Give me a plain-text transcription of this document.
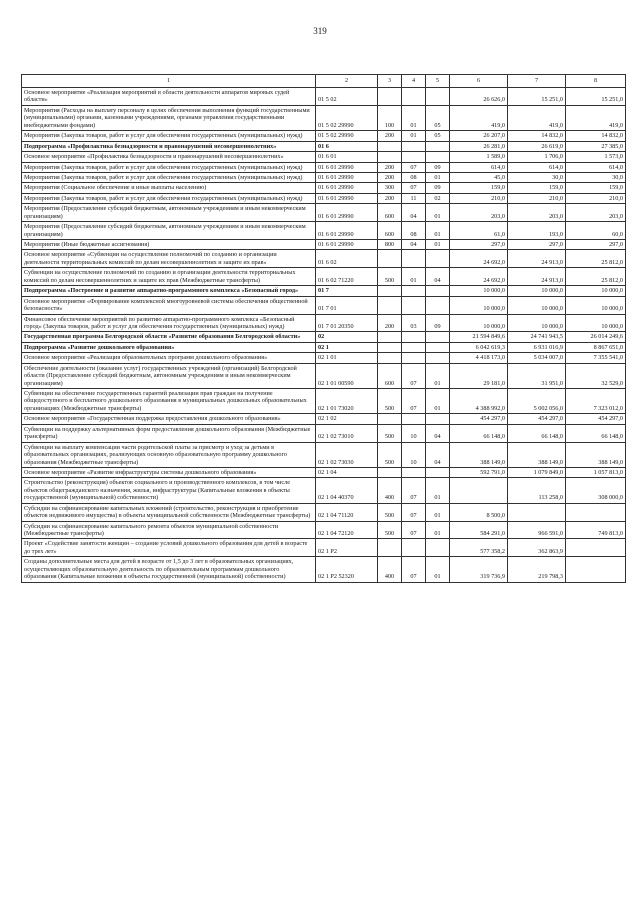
319
1	2	3	4	5	6	7	8
Основное мероприятие «Реализация мероприятий в области деятельности аппаратов мировых судей области»	01 5 02				26 626,0	15 251,0	15 251,0
Мероприятия (Расходы на выплату персоналу в целях обеспечения выполнения функций государственными (муниципальными) органами, казенными учреждениями, органами управления государственными внебюджетными фондами)	01 5 02 29990	100	01	05	419,0	419,0	419,0
Мероприятия (Закупка товаров, работ и услуг для обеспечения государственных (муниципальных) нужд)	01 5 02 29990	200	01	05	26 207,0	14 832,0	14 832,0
Подпрограмма «Профилактика безнадзорности и правонарушений несовершеннолетних»	01 6				26 281,0	26 619,0	27 385,0
Основное мероприятие «Профилактика безнадзорности и правонарушений несовершеннолетних»	01 6 01				1 589,0	1 706,0	1 573,0
Мероприятия (Закупка товаров, работ и услуг для обеспечения государственных (муниципальных) нужд)	01 6 01 29990	200	07	09	614,0	614,0	614,0
Мероприятия (Закупка товаров, работ и услуг для обеспечения государственных (муниципальных) нужд)	01 6 01 29990	200	08	01	45,0	30,0	30,0
Мероприятия (Социальное обеспечение и иные выплаты населению)	01 6 01 29990	300	07	09	159,0	159,0	159,0
Мероприятия (Закупка товаров, работ и услуг для обеспечения государственных (муниципальных) нужд)	01 6 01 29990	200	11	02	210,0	210,0	210,0
Мероприятия (Предоставление субсидий бюджетным, автономным учреждениям и иным некоммерческим организациям)	01 6 01 29990	600	04	01	203,0	203,0	203,0
Мероприятия (Предоставление субсидий бюджетным, автономным учреждениям и иным некоммерческим организациям)	01 6 01 29990	600	08	01	61,0	193,0	60,0
Мероприятия (Иные бюджетные ассигнования)	01 6 01 29990	800	04	01	297,0	297,0	297,0
Основное мероприятие «Субвенции на осуществление полномочий по созданию и организации деятельности территориальных комиссий по делам несовершеннолетних и защите их прав»	01 6 02				24 692,0	24 913,0	25 812,0
Субвенции на осуществление полномочий по созданию и организации деятельности территориальных комиссий по делам несовершеннолетних и защите их прав (Межбюджетные трансферты)	01 6 02 71220	500	01	04	24 692,0	24 913,0	25 812,0
Подпрограмма «Построение и развитие аппаратно-программного комплекса «Безопасный город»	01 7				10 000,0	10 000,0	10 000,0
Основное мероприятие «Формирование комплексной многоуровневой системы обеспечения общественной безопасности»	01 7 01				10 000,0	10 000,0	10 000,0
Финансовое обеспечение мероприятий по развитию аппаратно-программного комплекса «Безопасный город» (Закупка товаров, работ и услуг для обеспечения государственных (муниципальных) нужд)	01 7 01 20350	200	03	09	10 000,0	10 000,0	10 000,0
Государственная программа Белгородской области «Развитие образования Белгородской области»	02				21 594 849,6	24 741 943,5	26 014 249,6
Подпрограмма «Развитие дошкольного образования»	02 1				6 042 619,3	6 931 016,9	8 867 651,0
Основное мероприятие «Реализация образовательных программ дошкольного образования»	02 1 01				4 418 173,0	5 034 007,0	7 355 541,0
Обеспечение деятельности (оказание услуг) государственных учреждений (организаций) Белгородской области (Предоставление субсидий бюджетным, автономным учреждениям и иным некоммерческим организациям)	02 1 01 00590	600	07	01	29 181,0	31 951,0	32 529,0
Субвенции на обеспечение государственных гарантий реализации прав граждан на получение общедоступного и бесплатного дошкольного образования в муниципальных дошкольных образовательных организациях (Межбюджетные трансферты)	02 1 01 73020	500	07	01	4 388 992,0	5 002 056,0	7 323 012,0
Основное мероприятие «Государственная поддержка предоставления дошкольного образования»	02 1 02				454 297,0	454 297,0	454 297,0
Субвенции на поддержку альтернативных форм предоставления дошкольного образования (Межбюджетные трансферты)	02 1 02 73010	500	10	04	66 148,0	66 148,0	66 148,0
Субвенции на выплату компенсации части родительской платы за присмотр и уход за детьми в образовательных организациях, реализующих основную образовательную программу дошкольного образования (Межбюджетные трансферты)	02 1 02 73030	500	10	04	388 149,0	388 149,0	388 149,0
Основное мероприятие «Развитие инфраструктуры системы дошкольного образования»	02 1 04				592 791,0	1 079 849,0	1 057 813,0
Строительство (реконструкция) объектов социального и производственного комплексов, в том числе объектов общегражданского назначения, жилья, инфраструктуры (Капитальные вложения в объекты государственной (муниципальной) собственности)	02 1 04 40370	400	07	01		113 258,0	308 000,0
Субсидии на софинансирование капитальных вложений (строительство, реконструкция и приобретение объектов недвижимого имущества) в объекты муниципальной собственности (Межбюджетные трансферты)	02 1 04 71120	500	07	01	8 500,0		
Субсидии на софинансирование капитального ремонта объектов муниципальной собственности (Межбюджетные трансферты)	02 1 04 72120	500	07	01	584 291,0	966 591,0	749 813,0
Проект «Содействие занятости женщин – создание условий дошкольного образования для детей в возрасте до трех лет»	02 1 Р2				577 358,2	362 863,9	
Созданы дополнительные места для детей в возрасте от 1,5 до 3 лет в образовательных организациях, осуществляющих образовательную деятельность по образовательным программам дошкольного образования (Капитальные вложения в объекты государственной (муниципальной) собственности)	02 1 Р2 52320	400	07	01	319 736,9	219 798,3	
